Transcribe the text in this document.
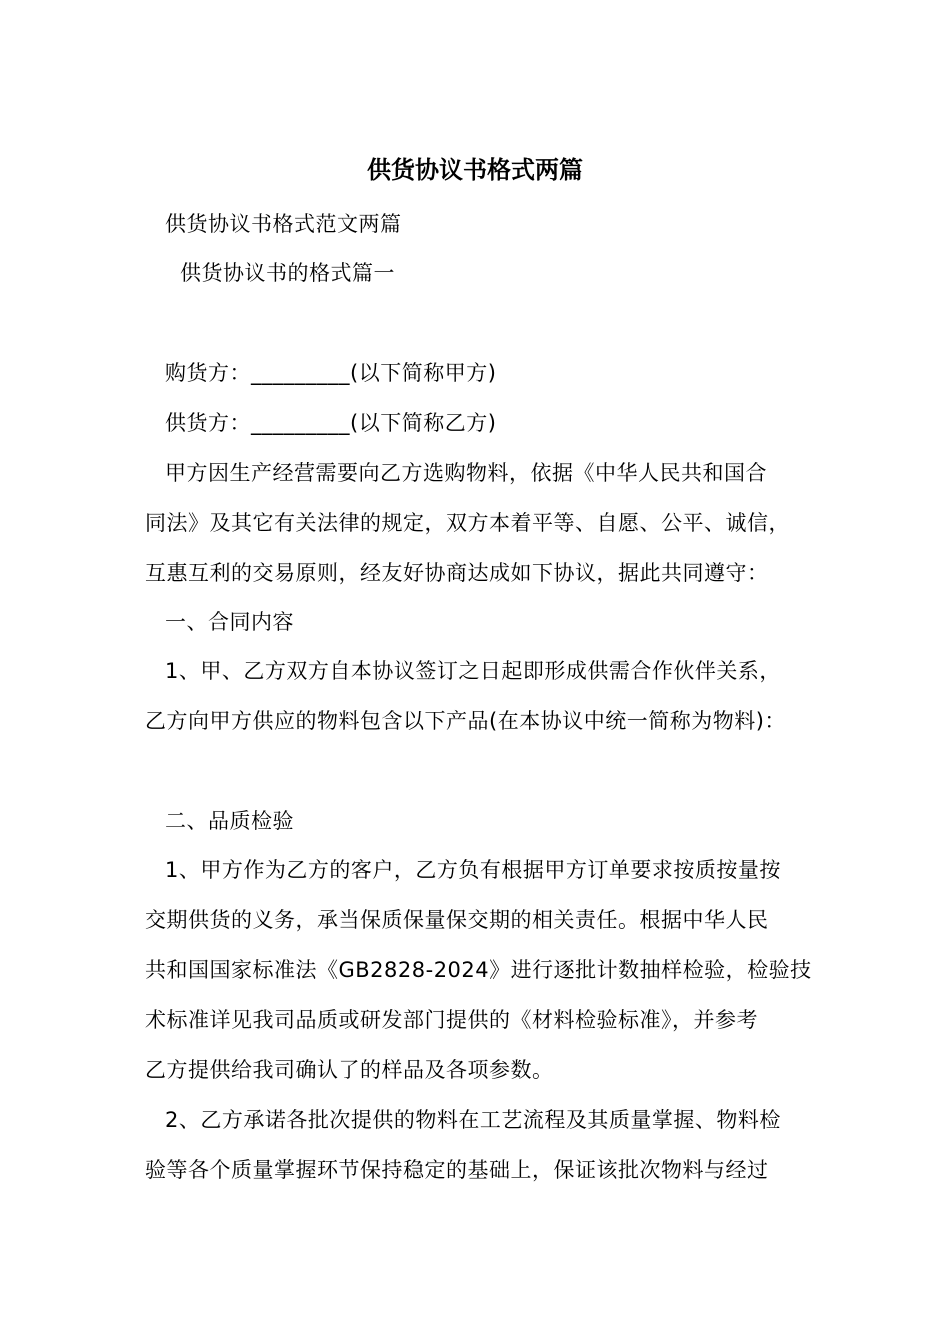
供货协议书格式两篇
供货协议书格式范文两篇
供货协议书的格式篇一
购货方：_________(以下简称甲方)
供货方：_________(以下简称乙方)
甲方因生产经营需要向乙方选购物料，依据《中华人民共和国合
同法》及其它有关法律的规定，双方本着平等、自愿、公平、诚信，
互惠互利的交易原则，经友好协商达成如下协议，据此共同遵守：
一、合同内容
1、甲、乙方双方自本协议签订之日起即形成供需合作伙伴关系，
乙方向甲方供应的物料包含以下产品(在本协议中统一简称为物料)：
二、品质检验
1、甲方作为乙方的客户，乙方负有根据甲方订单要求按质按量按
交期供货的义务，承当保质保量保交期的相关责任。根据中华人民
共和国国家标准法《GB2828-2024》进行逐批计数抽样检验，检验技
术标准详见我司品质或研发部门提供的《材料检验标准》，并参考
乙方提供给我司确认了的样品及各项参数。
2、乙方承诺各批次提供的物料在工艺流程及其质量掌握、物料检
验等各个质量掌握环节保持稳定的基础上，保证该批次物料与经过
